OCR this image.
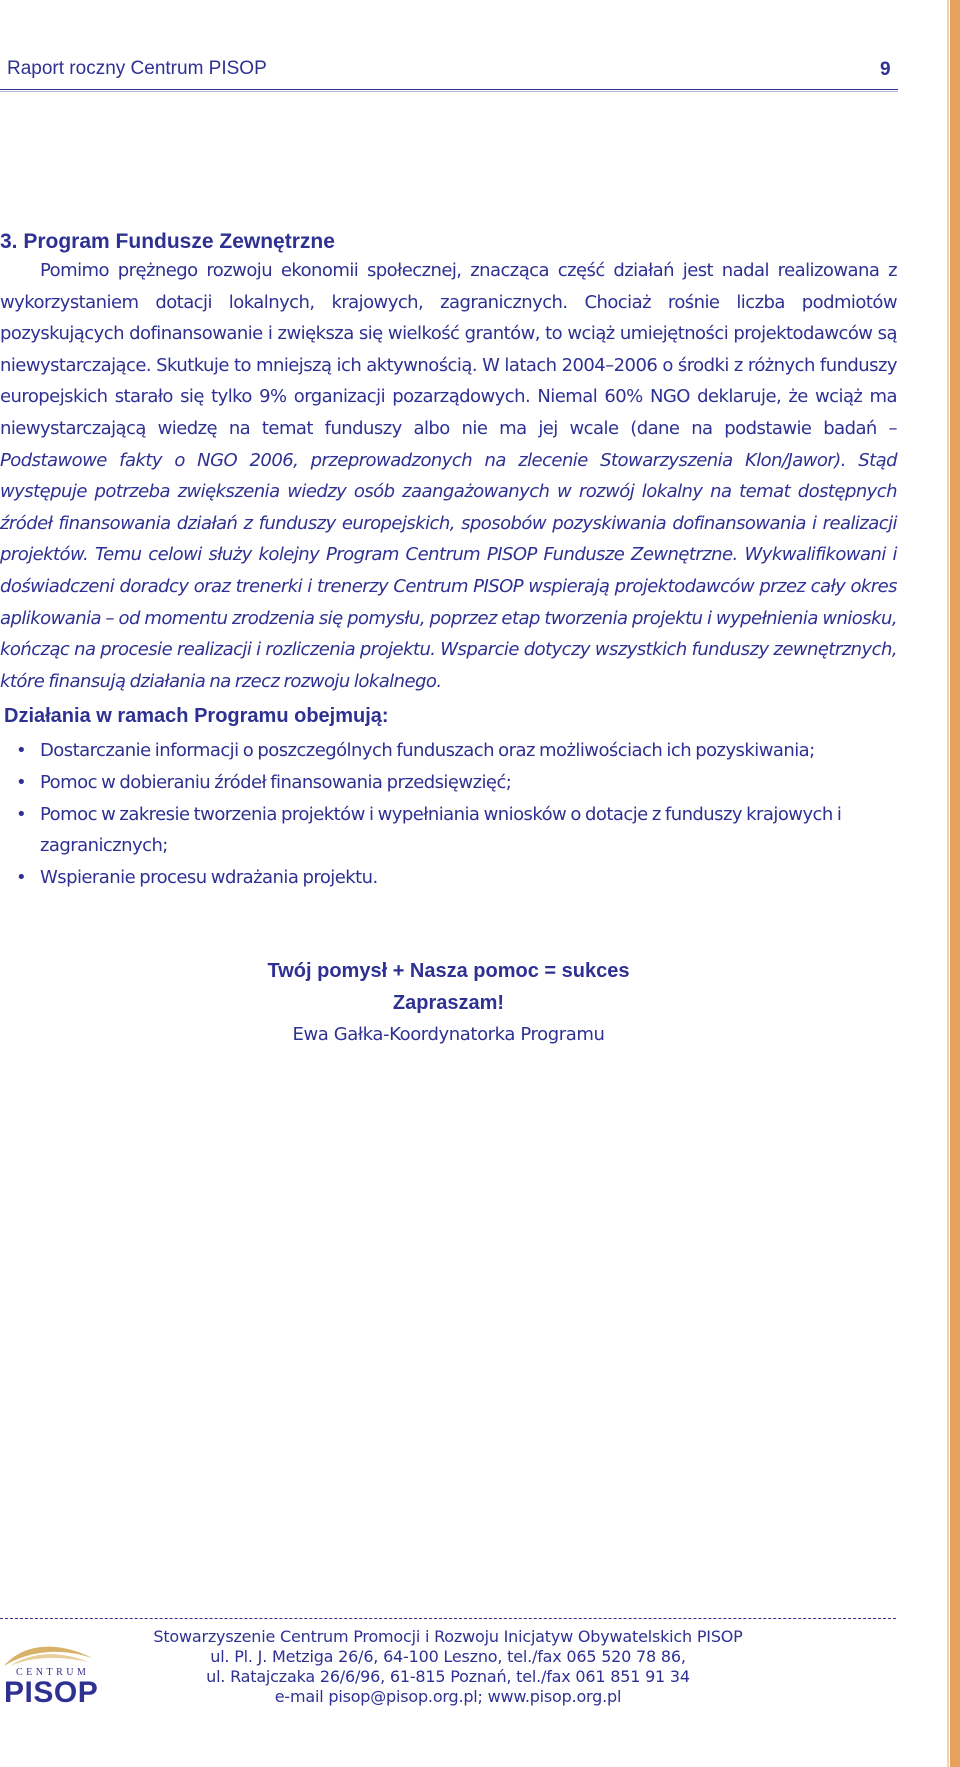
Raport roczny Centrum PISOP	9
3. Program Fundusze Zewnętrzne

Pomimo prężnego rozwoju ekonomii społecznej, znacząca część działań jest nadal realizowana z wykorzystaniem dotacji lokalnych, krajowych, zagranicznych. Chociaż rośnie liczba podmiotów pozyskujących dofinansowanie i zwiększa się wielkość grantów, to wciąż umiejętności projektodawców są niewystarczające. Skutkuje to mniejszą ich aktywnością. W latach 2004–2006 o środki z różnych funduszy europejskich starało się tylko 9% organizacji pozarządowych. Niemal 60% NGO deklaruje, że wciąż ma niewystarczającą wiedzę na temat funduszy albo nie ma jej wcale (dane na podstawie badań – Podstawowe fakty o NGO 2006, przeprowadzonych na zlecenie Stowarzyszenia Klon/Jawor). Stąd występuje potrzeba zwiększenia wiedzy osób zaangażowanych w rozwój lokalny na temat dostępnych źródeł finansowania działań z funduszy europejskich, sposobów pozyskiwania dofinansowania i realizacji projektów. Temu celowi służy kolejny Program Centrum PISOP Fundusze Zewnętrzne. Wykwalifikowani i doświadczeni doradcy oraz trenerki i trenerzy Centrum PISOP wspierają projektodawców przez cały okres aplikowania – od momentu zrodzenia się pomysłu, poprzez etap tworzenia projektu i wypełnienia wniosku, kończąc na procesie realizacji i rozliczenia projektu. Wsparcie dotyczy wszystkich funduszy zewnętrznych, które finansują działania na rzecz rozwoju lokalnego.

Działania w ramach Programu obejmują:
• Dostarczanie informacji o poszczególnych funduszach oraz możliwościach ich pozyskiwania;
• Pomoc w dobieraniu źródeł finansowania przedsięwzięć;
• Pomoc w zakresie tworzenia projektów i wypełniania wniosków o dotacje z funduszy krajowych i zagranicznych;
• Wspieranie procesu wdrażania projektu.
Twój pomysł + Nasza pomoc = sukces
Zapraszam!
Ewa Gałka-Koordynatorka Programu
CENTRUM
PISOP
Stowarzyszenie Centrum Promocji i Rozwoju Inicjatyw Obywatelskich PISOP
ul. Pl. J. Metziga 26/6, 64-100 Leszno, tel./fax 065 520 78 86,
ul. Ratajczaka 26/6/96, 61-815 Poznań, tel./fax 061 851 91 34
e-mail pisop@pisop.org.pl; www.pisop.org.pl
